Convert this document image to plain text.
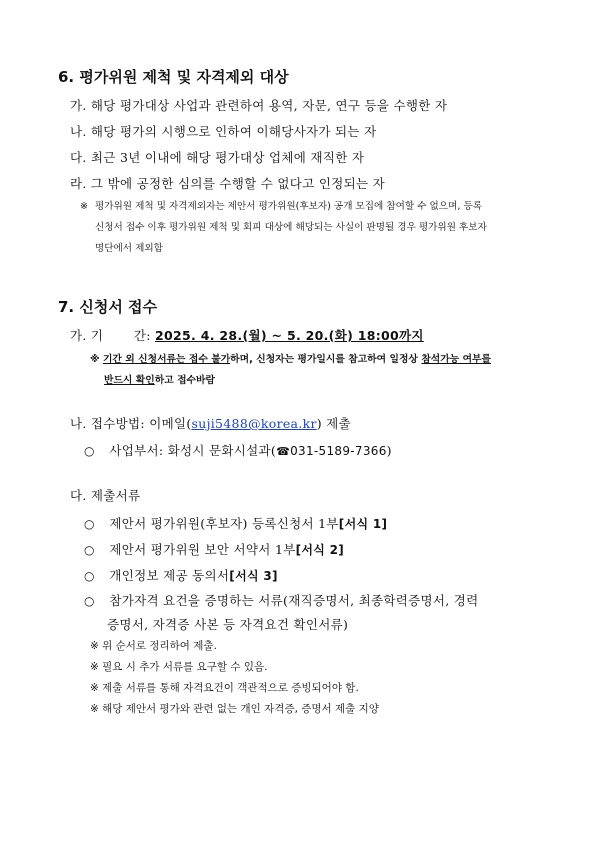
6. 평가위원 제척 및 자격제외 대상
가. 해당 평가대상 사업과 관련하여 용역, 자문, 연구 등을 수행한 자
나. 해당 평가의 시행으로 인하여 이해당사자가 되는 자
다. 최근 3년 이내에 해당 평가대상 업체에 재직한 자
라. 그 밖에 공정한 심의를 수행할 수 없다고 인정되는 자
※ 평가위원 제척 및 자격제외자는 제안서 평가위원(후보자) 공개 모집에 참여할 수 없으며, 등록
신청서 접수 이후 평가위원 제척 및 회피 대상에 해당되는 사실이 판명될 경우 평가위원 후보자
명단에서 제외함
7. 신청서 접수
가. 기 간: 2025. 4. 28.(월) ~ 5. 20.(화) 18:00까지
※ 기간 외 신청서류는 접수 불가하며, 신청자는 평가일시를 참고하여 일정상 참석가능 여부를
반드시 확인하고 접수바람
나. 접수방법: 이메일(suji5488@korea.kr) 제출
○ 사업부서: 화성시 문화시설과(☎031-5189-7366)
다. 제출서류
○ 제안서 평가위원(후보자) 등록신청서 1부[서식 1]
○ 제안서 평가위원 보안 서약서 1부[서식 2]
○ 개인정보 제공 동의서[서식 3]
○ 참가자격 요건을 증명하는 서류(재직증명서, 최종학력증명서, 경력
증명서, 자격증 사본 등 자격요건 확인서류)
※ 위 순서로 정리하여 제출.
※ 필요 시 추가 서류를 요구할 수 있음.
※ 제출 서류를 통해 자격요건이 객관적으로 증빙되어야 함.
※ 해당 제안서 평가와 관련 없는 개인 자격증, 증명서 제출 지양
